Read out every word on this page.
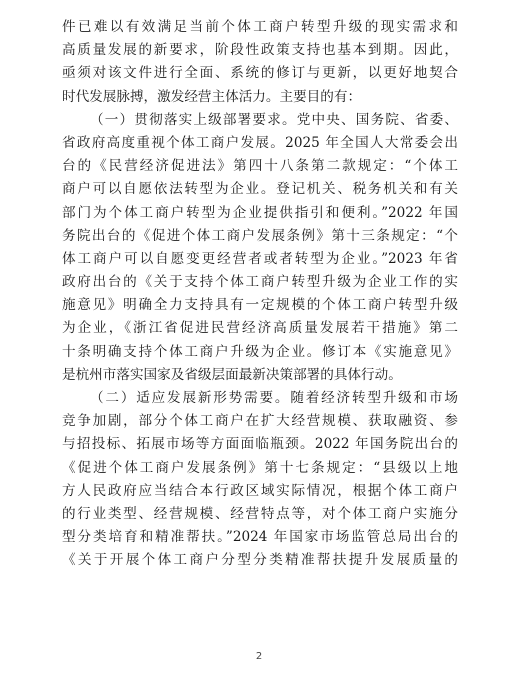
件已难以有效满足当前个体工商户转型升级的现实需求和
高质量发展的新要求，阶段性政策支持也基本到期。因此，
亟须对该文件进行全面、系统的修订与更新，以更好地契合
时代发展脉搏，激发经营主体活力。主要目的有：
（一）贯彻落实上级部署要求。党中央、国务院、省委、
省政府高度重视个体工商户发展。2025 年全国人大常委会出
台的《民营经济促进法》第四十八条第二款规定：“个体工
商户可以自愿依法转型为企业。登记机关、税务机关和有关
部门为个体工商户转型为企业提供指引和便利。”2022 年国
务院出台的《促进个体工商户发展条例》第十三条规定：“个
体工商户可以自愿变更经营者或者转型为企业。”2023 年省
政府出台的《关于支持个体工商户转型升级为企业工作的实
施意见》明确全力支持具有一定规模的个体工商户转型升级
为企业，《浙江省促进民营经济高质量发展若干措施》第二
十条明确支持个体工商户升级为企业。修订本《实施意见》
是杭州市落实国家及省级层面最新决策部署的具体行动。
（二）适应发展新形势需要。随着经济转型升级和市场
竞争加剧，部分个体工商户在扩大经营规模、获取融资、参
与招投标、拓展市场等方面面临瓶颈。2022 年国务院出台的
《促进个体工商户发展条例》第十七条规定：“县级以上地
方人民政府应当结合本行政区域实际情况，根据个体工商户
的行业类型、经营规模、经营特点等，对个体工商户实施分
型分类培育和精准帮扶。”2024 年国家市场监管总局出台的
《关于开展个体工商户分型分类精准帮扶提升发展质量的
2
